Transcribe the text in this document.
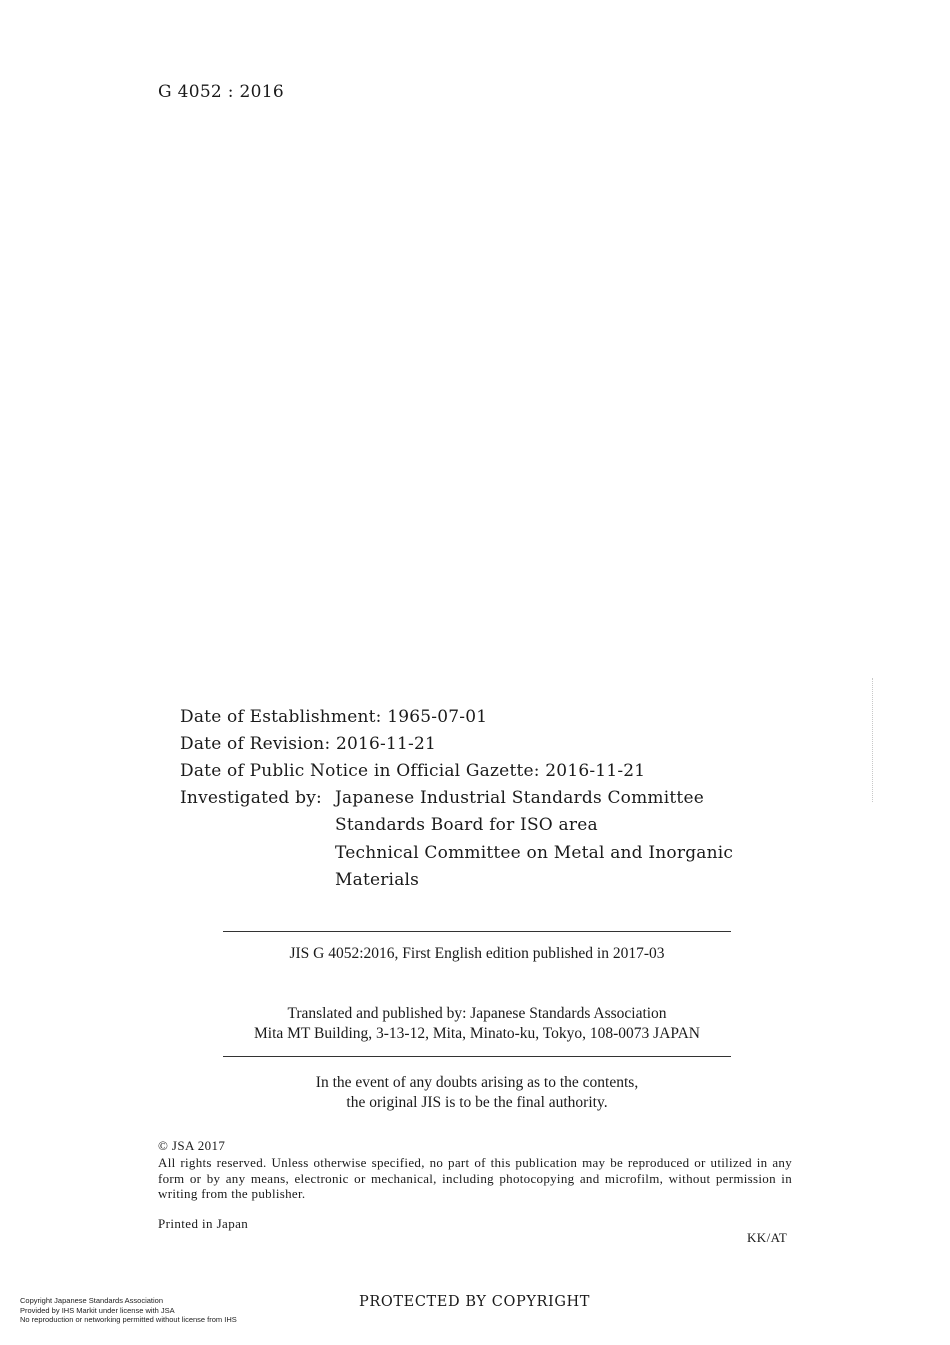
G 4052 : 2016
Date of Establishment: 1965-07-01
Date of Revision: 2016-11-21
Date of Public Notice in Official Gazette: 2016-11-21
Investigated by: Japanese Industrial Standards Committee
Standards Board for ISO area
Technical Committee on Metal and Inorganic
Materials
JIS G 4052:2016, First English edition published in 2017-03
Translated and published by: Japanese Standards Association
Mita MT Building, 3-13-12, Mita, Minato-ku, Tokyo, 108-0073 JAPAN
In the event of any doubts arising as to the contents,
the original JIS is to be the final authority.
© JSA 2017
All rights reserved. Unless otherwise specified, no part of this publication may be reproduced or utilized in any form or by any means, electronic or mechanical, including photocopying and microfilm, without permission in writing from the publisher.
Printed in Japan
KK/AT
Copyright Japanese Standards Association
Provided by IHS Markit under license with JSA
No reproduction or networking permitted without license from IHS
PROTECTED BY COPYRIGHT
